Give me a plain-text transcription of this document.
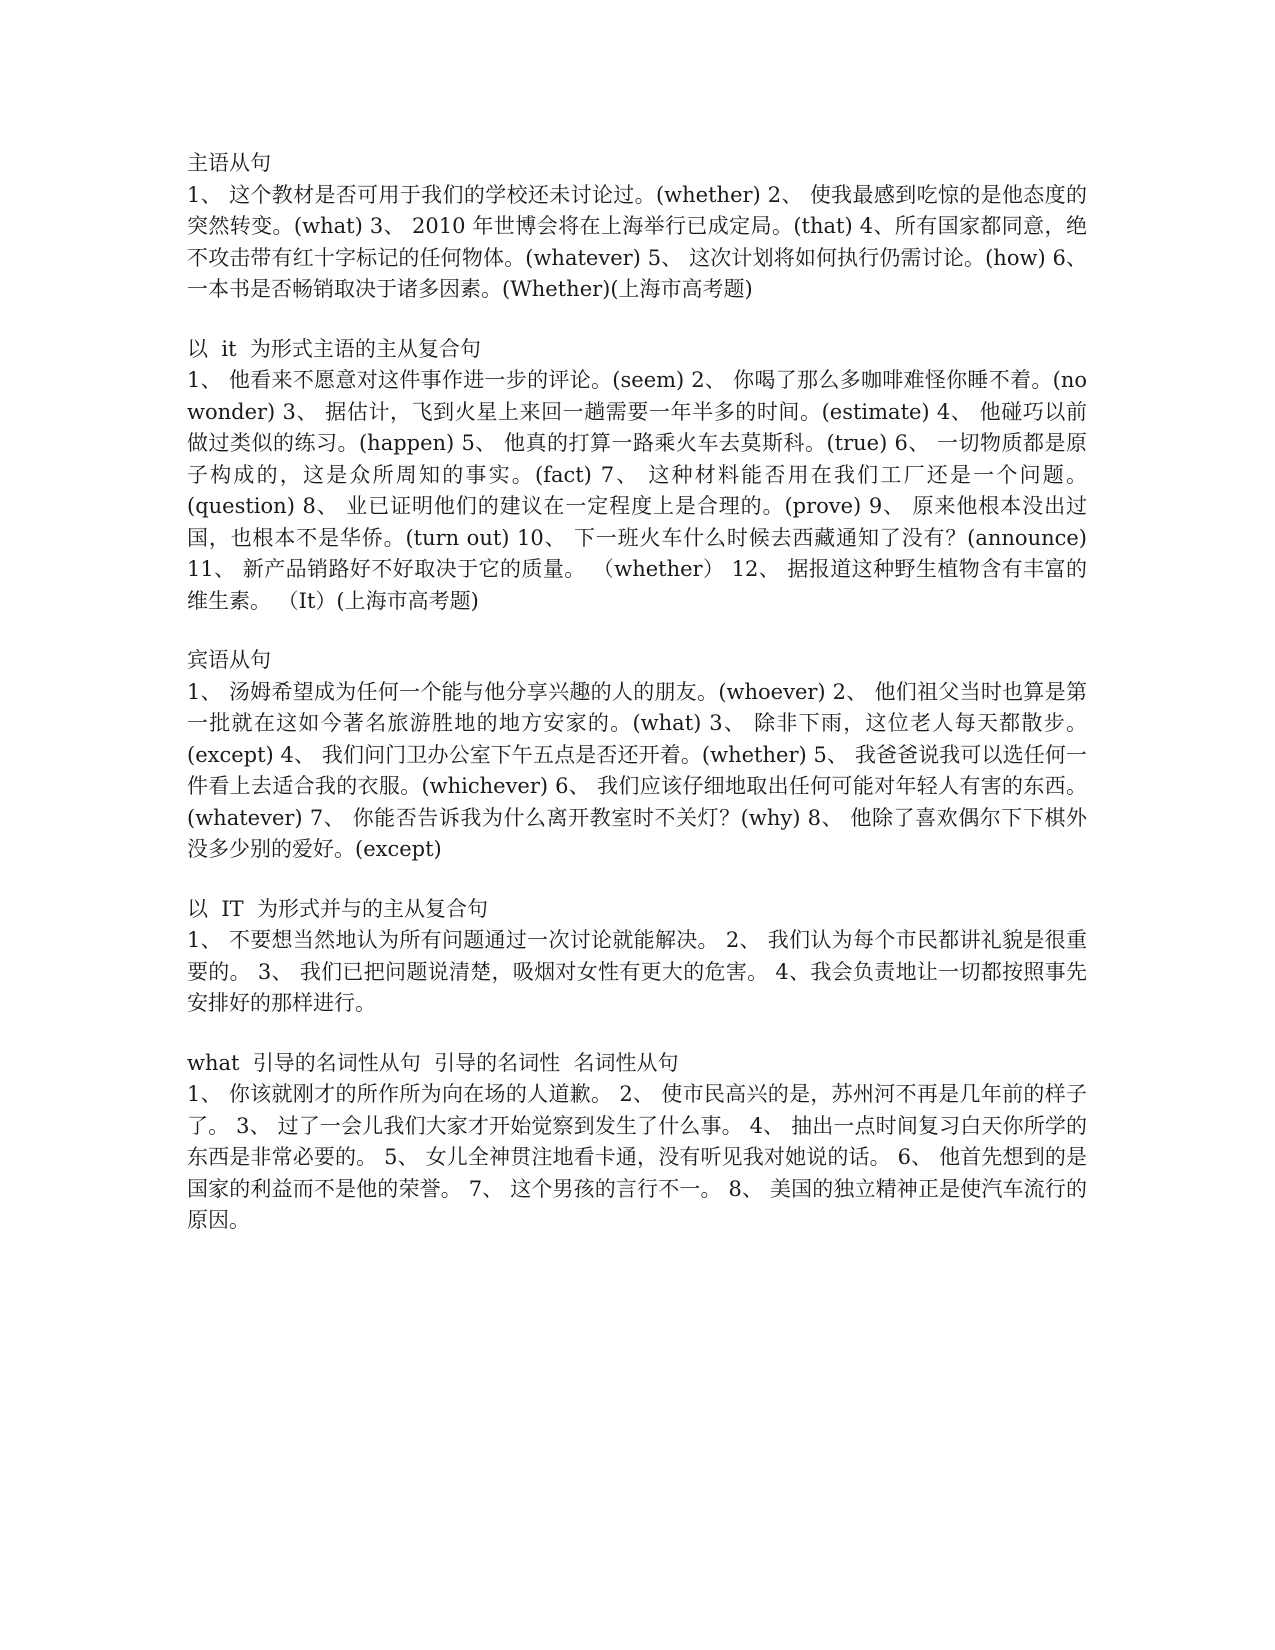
主语从句

1、 这个教材是否可用于我们的学校还未讨论过。(whether) 2、 使我最感到吃惊的是他态度的突然转变。(what) 3、 2010 年世博会将在上海举行已成定局。(that) 4、所有国家都同意，绝不攻击带有红十字标记的任何物体。(whatever) 5、 这次计划将如何执行仍需讨论。(how) 6、 一本书是否畅销取决于诸多因素。(Whether)(上海市高考题)

以  it  为形式主语的主从复合句

1、 他看来不愿意对这件事作进一步的评论。(seem) 2、 你喝了那么多咖啡难怪你睡不着。(no wonder) 3、 据估计，飞到火星上来回一趟需要一年半多的时间。(estimate) 4、 他碰巧以前做过类似的练习。(happen) 5、 他真的打算一路乘火车去莫斯科。(true) 6、 一切物质都是原子构成的，这是众所周知的事实。(fact) 7、 这种材料能否用在我们工厂还是一个问题。(question) 8、 业已证明他们的建议在一定程度上是合理的。(prove) 9、 原来他根本没出过国，也根本不是华侨。(turn out) 10、 下一班火车什么时候去西藏通知了没有？(announce) 11、 新产品销路好不好取决于它的质量。 （whether） 12、 据报道这种野生植物含有丰富的维生素。 （It）(上海市高考题)

宾语从句

1、 汤姆希望成为任何一个能与他分享兴趣的人的朋友。(whoever) 2、 他们祖父当时也算是第一批就在这如今著名旅游胜地的地方安家的。(what) 3、 除非下雨，这位老人每天都散步。(except) 4、 我们问门卫办公室下午五点是否还开着。(whether) 5、 我爸爸说我可以选任何一件看上去适合我的衣服。(whichever) 6、 我们应该仔细地取出任何可能对年轻人有害的东西。(whatever) 7、 你能否告诉我为什么离开教室时不关灯？(why) 8、 他除了喜欢偶尔下下棋外没多少别的爱好。(except)

以  IT  为形式并与的主从复合句

1、 不要想当然地认为所有问题通过一次讨论就能解决。 2、 我们认为每个市民都讲礼貌是很重要的。 3、 我们已把问题说清楚，吸烟对女性有更大的危害。 4、我会负责地让一切都按照事先安排好的那样进行。

what  引导的名词性从句  引导的名词性  名词性从句

1、 你该就刚才的所作所为向在场的人道歉。 2、 使市民高兴的是，苏州河不再是几年前的样子了。 3、 过了一会儿我们大家才开始觉察到发生了什么事。 4、 抽出一点时间复习白天你所学的东西是非常必要的。 5、 女儿全神贯注地看卡通，没有听见我对她说的话。 6、 他首先想到的是国家的利益而不是他的荣誉。 7、 这个男孩的言行不一。 8、 美国的独立精神正是使汽车流行的原因。
